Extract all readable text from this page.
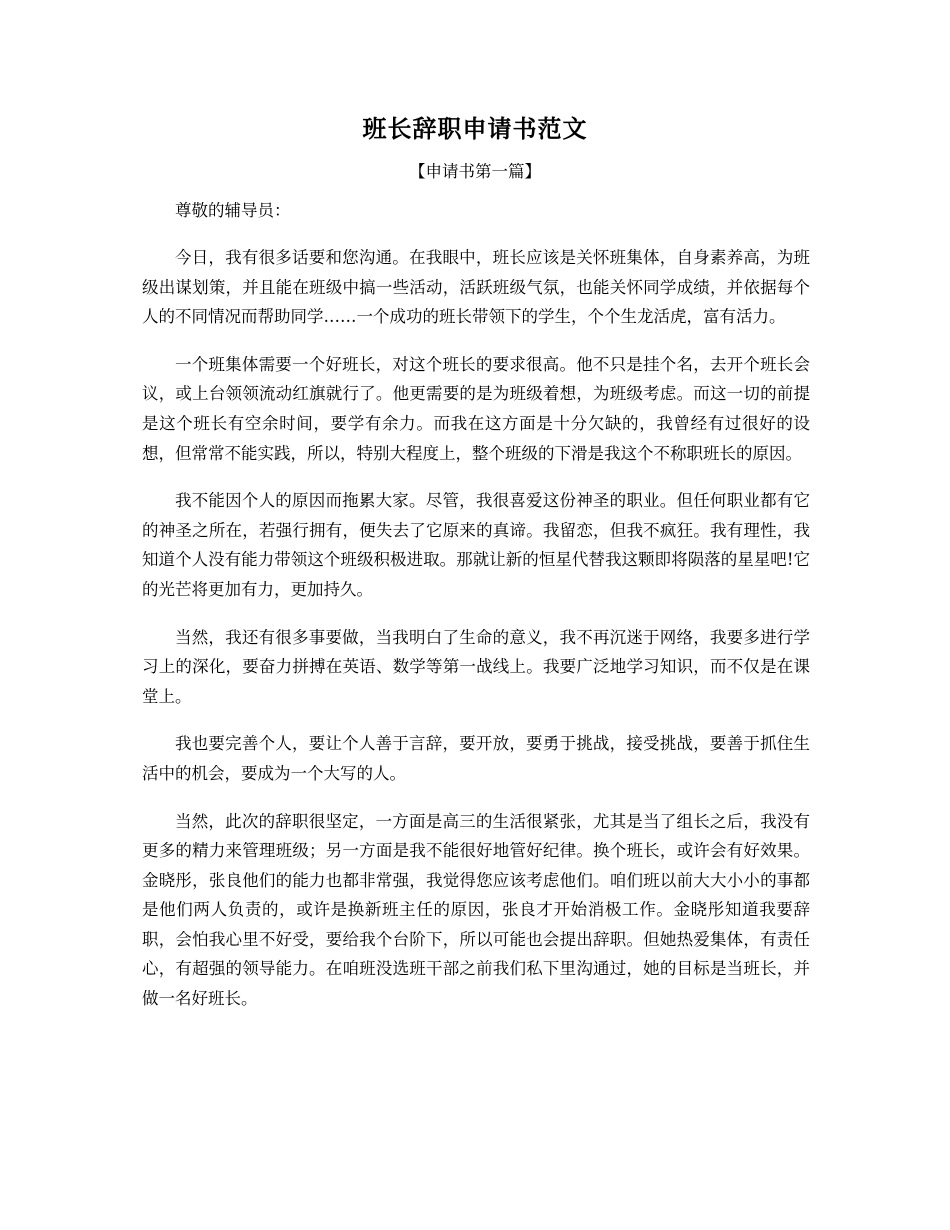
班长辞职申请书范文
【申请书第一篇】

尊敬的辅导员：

今日，我有很多话要和您沟通。在我眼中，班长应该是关怀班集体，自身素养高，为班级出谋划策，并且能在班级中搞一些活动，活跃班级气氛，也能关怀同学成绩，并依据每个人的不同情况而帮助同学……一个成功的班长带领下的学生，个个生龙活虎，富有活力。

一个班集体需要一个好班长，对这个班长的要求很高。他不只是挂个名，去开个班长会议，或上台领领流动红旗就行了。他更需要的是为班级着想，为班级考虑。而这一切的前提是这个班长有空余时间，要学有余力。而我在这方面是十分欠缺的，我曾经有过很好的设想，但常常不能实践，所以，特别大程度上，整个班级的下滑是我这个不称职班长的原因。

我不能因个人的原因而拖累大家。尽管，我很喜爱这份神圣的职业。但任何职业都有它的神圣之所在，若强行拥有，便失去了它原来的真谛。我留恋，但我不疯狂。我有理性，我知道个人没有能力带领这个班级积极进取。那就让新的恒星代替我这颗即将陨落的星星吧!它的光芒将更加有力，更加持久。

当然，我还有很多事要做，当我明白了生命的意义，我不再沉迷于网络，我要多进行学习上的深化，要奋力拼搏在英语、数学等第一战线上。我要广泛地学习知识，而不仅是在课堂上。

我也要完善个人，要让个人善于言辞，要开放，要勇于挑战，接受挑战，要善于抓住生活中的机会，要成为一个大写的人。

当然，此次的辞职很坚定，一方面是高三的生活很紧张，尤其是当了组长之后，我没有更多的精力来管理班级；另一方面是我不能很好地管好纪律。换个班长，或许会有好效果。金晓彤，张良他们的能力也都非常强，我觉得您应该考虑他们。咱们班以前大大小小的事都是他们两人负责的，或许是换新班主任的原因，张良才开始消极工作。金晓彤知道我要辞职，会怕我心里不好受，要给我个台阶下，所以可能也会提出辞职。但她热爱集体，有责任心，有超强的领导能力。在咱班没选班干部之前我们私下里沟通过，她的目标是当班长，并做一名好班长。
